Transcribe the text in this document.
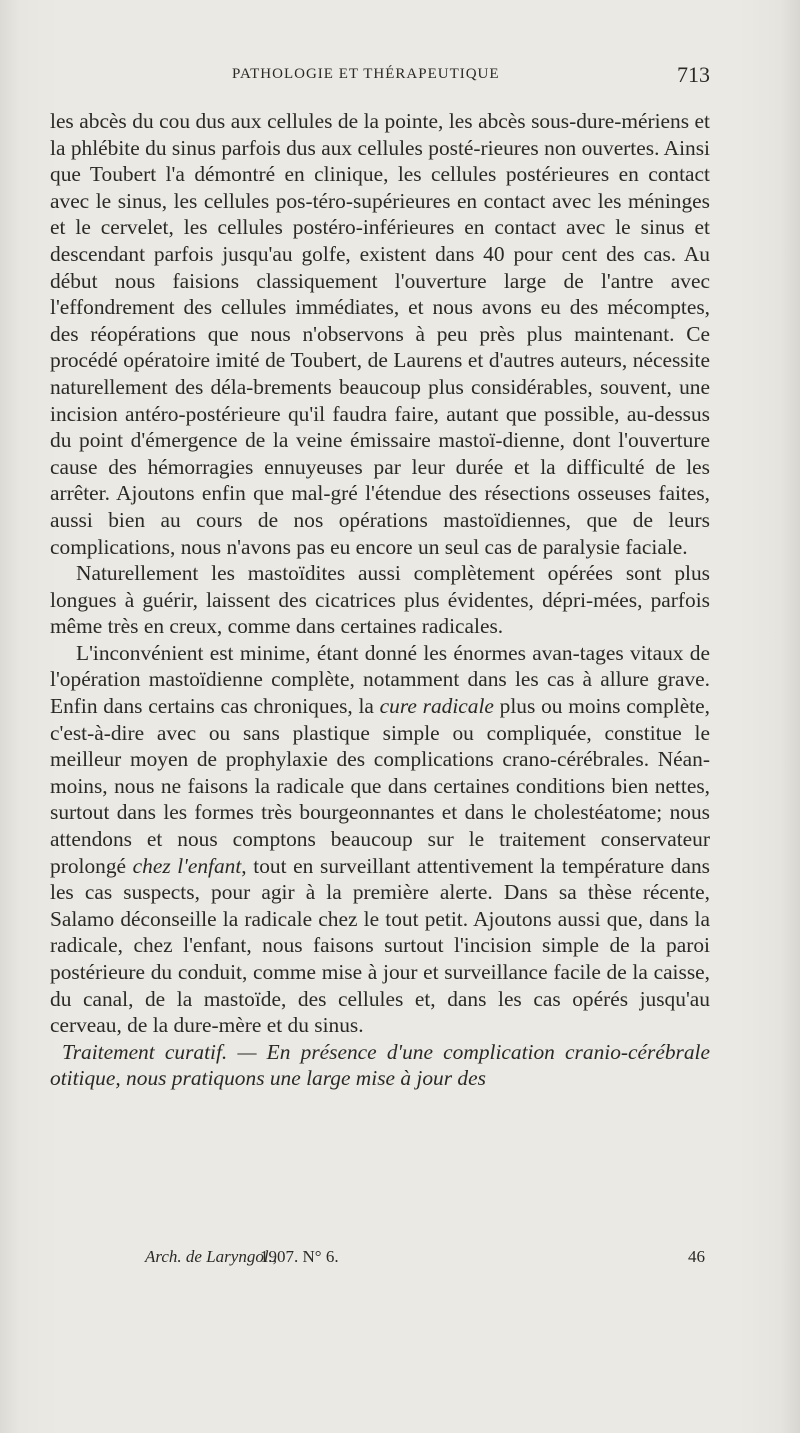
PATHOLOGIE ET THÉRAPEUTIQUE	713

les abcès du cou dus aux cellules de la pointe, les abcès sous-dure-mériens et la phlébite du sinus parfois dus aux cellules posté-rieures non ouvertes. Ainsi que Toubert l'a démontré en clinique, les cellules postérieures en contact avec le sinus, les cellules pos-téro-supérieures en contact avec les méninges et le cervelet, les cellules postéro-inférieures en contact avec le sinus et descendant parfois jusqu'au golfe, existent dans 40 pour cent des cas. Au début nous faisions classiquement l'ouverture large de l'antre avec l'effondrement des cellules immédiates, et nous avons eu des mécomptes, des réopérations que nous n'observons à peu près plus maintenant. Ce procédé opératoire imité de Toubert, de Laurens et d'autres auteurs, nécessite naturellement des déla-brements beaucoup plus considérables, souvent, une incision antéro-postérieure qu'il faudra faire, autant que possible, au-dessus du point d'émergence de la veine émissaire mastoï-dienne, dont l'ouverture cause des hémorragies ennuyeuses par leur durée et la difficulté de les arrêter. Ajoutons enfin que mal-gré l'étendue des résections osseuses faites, aussi bien au cours de nos opérations mastoïdiennes, que de leurs complications, nous n'avons pas eu encore un seul cas de paralysie faciale.

Naturellement les mastoïdites aussi complètement opérées sont plus longues à guérir, laissent des cicatrices plus évidentes, dépri-mées, parfois même très en creux, comme dans certaines radicales.

L'inconvénient est minime, étant donné les énormes avan-tages vitaux de l'opération mastoïdienne complète, notamment dans les cas à allure grave. Enfin dans certains cas chroniques, la cure radicale plus ou moins complète, c'est-à-dire avec ou sans plastique simple ou compliquée, constitue le meilleur moyen de prophylaxie des complications crano-cérébrales. Néan-moins, nous ne faisons la radicale que dans certaines conditions bien nettes, surtout dans les formes très bourgeonnantes et dans le cholestéatome; nous attendons et nous comptons beaucoup sur le traitement conservateur prolongé chez l'enfant, tout en surveillant attentivement la température dans les cas suspects, pour agir à la première alerte. Dans sa thèse récente, Salamo déconseille la radicale chez le tout petit. Ajoutons aussi que, dans la radicale, chez l'enfant, nous faisons surtout l'incision simple de la paroi postérieure du conduit, comme mise à jour et surveillance facile de la caisse, du canal, de la mastoïde, des cellules et, dans les cas opérés jusqu'au cerveau, de la dure-mère et du sinus.

Traitement curatif. — En présence d'une complication cranio-cérébrale otitique, nous pratiquons une large mise à jour des

Arch. de Laryngol.,
1907. N° 6.	46
